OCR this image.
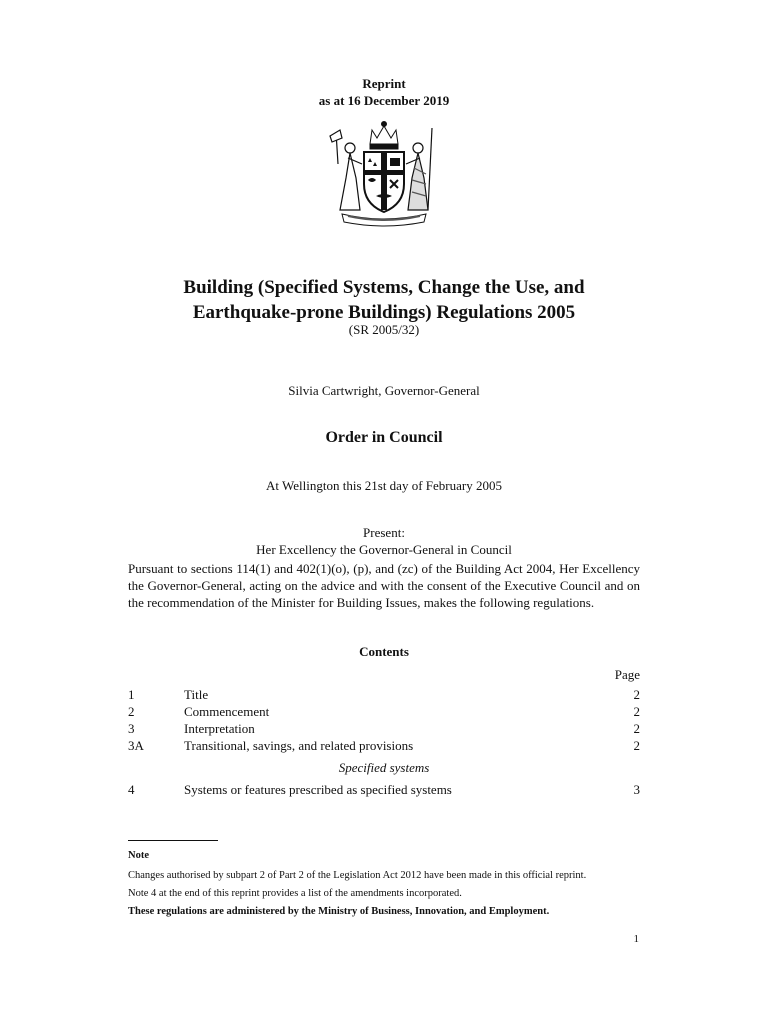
Reprint
as at 16 December 2019
Building (Specified Systems, Change the Use, and
Earthquake-prone Buildings) Regulations 2005
(SR 2005/32)
Silvia Cartwright, Governor-General
Order in Council
At Wellington this 21st day of February 2005
Present:
Her Excellency the Governor-General in Council
Pursuant to sections 114(1) and 402(1)(o), (p), and (zc) of the Building Act 2004, Her Excellency the Governor-General, acting on the advice and with the consent of the Executive Council and on the recommendation of the Minister for Building Issues, makes the following regulations.
Contents
Page
1	Title	2
2	Commencement	2
3	Interpretation	2
3A	Transitional, savings, and related provisions	2
Specified systems
4	Systems or features prescribed as specified systems	3
Note
Changes authorised by subpart 2 of Part 2 of the Legislation Act 2012 have been made in this official reprint.
Note 4 at the end of this reprint provides a list of the amendments incorporated.
These regulations are administered by the Ministry of Business, Innovation, and Employment.
1
